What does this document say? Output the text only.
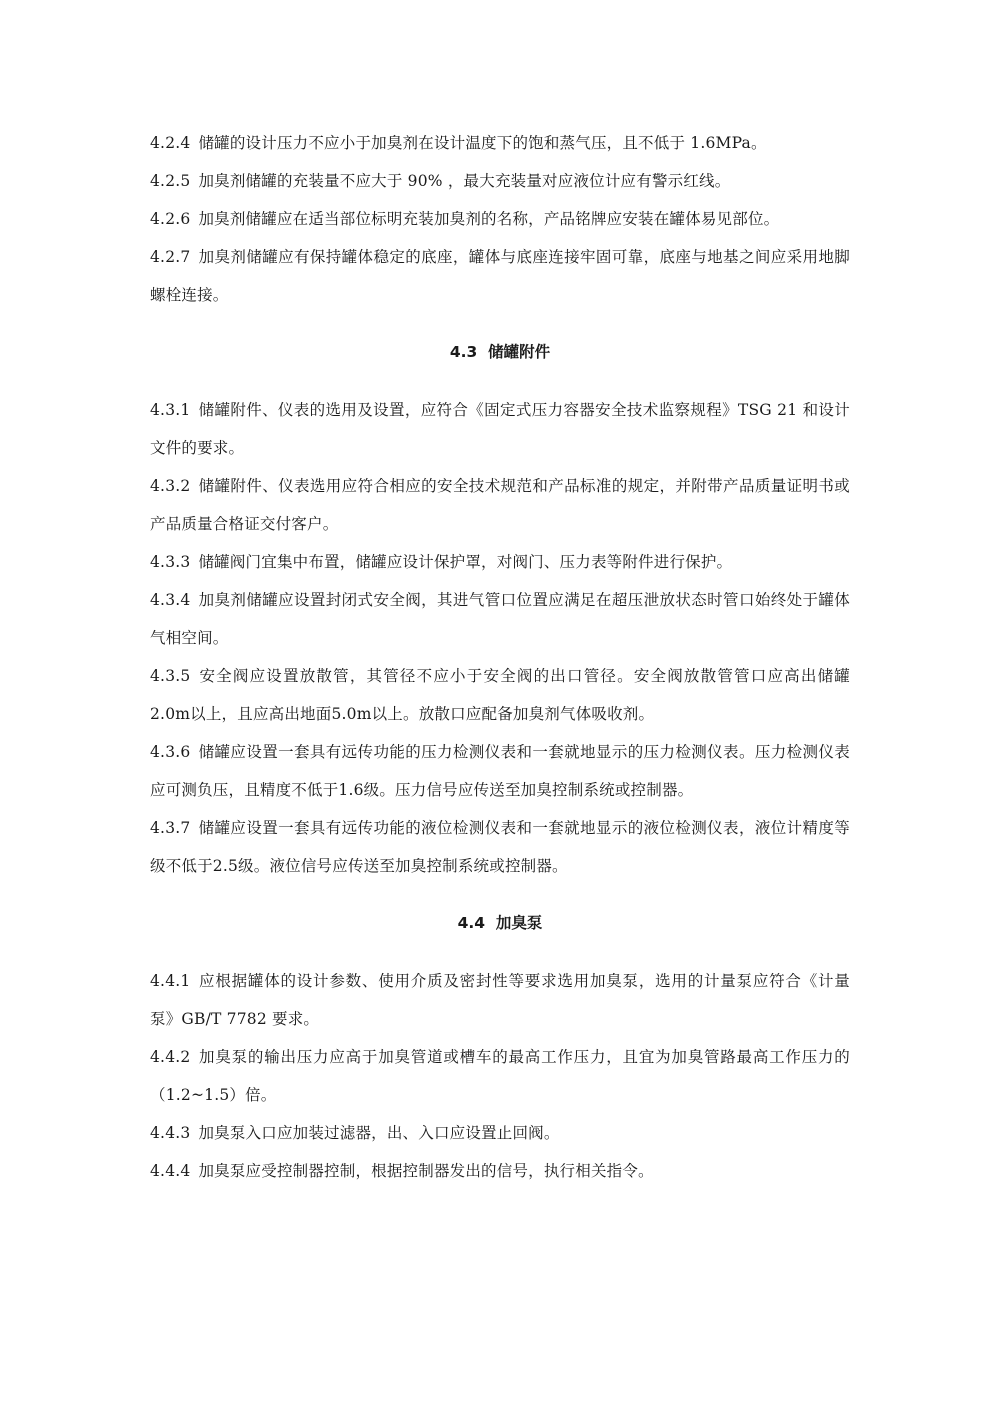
4.2.4 储罐的设计压力不应小于加臭剂在设计温度下的饱和蒸气压，且不低于 1.6MPa。

4.2.5 加臭剂储罐的充装量不应大于 90% ，最大充装量对应液位计应有警示红线。

4.2.6 加臭剂储罐应在适当部位标明充装加臭剂的名称，产品铭牌应安装在罐体易见部位。

4.2.7 加臭剂储罐应有保持罐体稳定的底座，罐体与底座连接牢固可靠，底座与地基之间应采用地脚螺栓连接。

4.3 储罐附件

4.3.1 储罐附件、仪表的选用及设置，应符合《固定式压力容器安全技术监察规程》TSG 21 和设计文件的要求。

4.3.2 储罐附件、仪表选用应符合相应的安全技术规范和产品标准的规定，并附带产品质量证明书或产品质量合格证交付客户。

4.3.3 储罐阀门宜集中布置，储罐应设计保护罩，对阀门、压力表等附件进行保护。

4.3.4 加臭剂储罐应设置封闭式安全阀，其进气管口位置应满足在超压泄放状态时管口始终处于罐体气相空间。

4.3.5 安全阀应设置放散管，其管径不应小于安全阀的出口管径。安全阀放散管管口应高出储罐2.0m以上，且应高出地面5.0m以上。放散口应配备加臭剂气体吸收剂。

4.3.6 储罐应设置一套具有远传功能的压力检测仪表和一套就地显示的压力检测仪表。压力检测仪表应可测负压，且精度不低于1.6级。压力信号应传送至加臭控制系统或控制器。

4.3.7 储罐应设置一套具有远传功能的液位检测仪表和一套就地显示的液位检测仪表，液位计精度等级不低于2.5级。液位信号应传送至加臭控制系统或控制器。

4.4 加臭泵

4.4.1 应根据罐体的设计参数、使用介质及密封性等要求选用加臭泵，选用的计量泵应符合《计量泵》GB/T 7782 要求。

4.4.2 加臭泵的输出压力应高于加臭管道或槽车的最高工作压力，且宜为加臭管路最高工作压力的（1.2~1.5）倍。

4.4.3 加臭泵入口应加装过滤器，出、入口应设置止回阀。

4.4.4 加臭泵应受控制器控制，根据控制器发出的信号，执行相关指令。
